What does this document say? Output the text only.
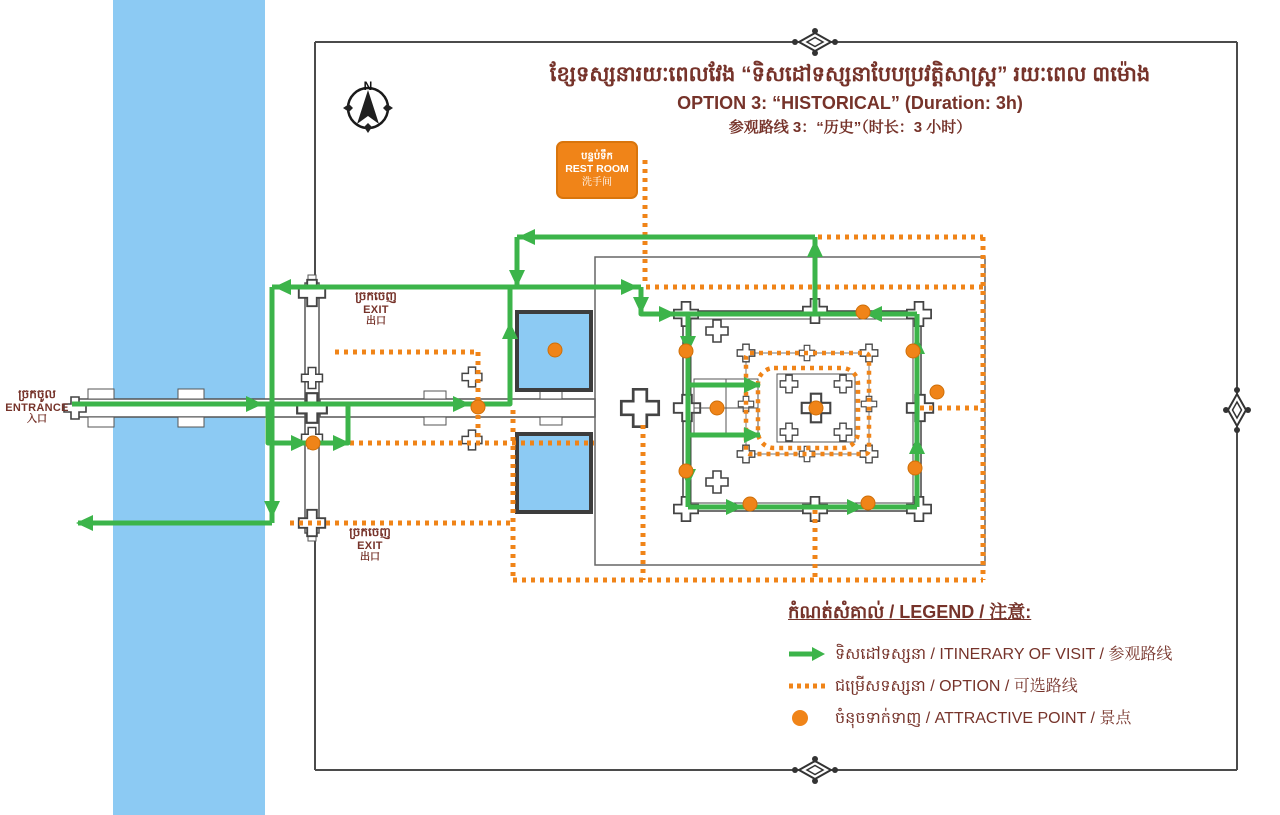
N	ខ្សែទស្សនារយៈពេលវែង “ទិសដៅទស្សនាបែបប្រវត្តិសាស្ត្រ” រយៈពេល ៣ម៉ោង
OPTION 3: “HISTORICAL” (Duration: 3h)
参观路线 3：“历史”（时长：3 小时）
ច្រកចូល
ENTRANCE
入口
ច្រកចេញ
EXIT
出口
ច្រកចេញ
EXIT
出口
បន្ទប់ទឹក
REST ROOM
洗手间
កំណត់សំគាល់ / LEGEND / 注意:
ទិសដៅទស្សនា / ITINERARY OF VISIT / 参观路线
ជម្រើសទស្សនា / OPTION / 可选路线
ចំនុចទាក់ទាញ / ATTRACTIVE POINT / 景点
